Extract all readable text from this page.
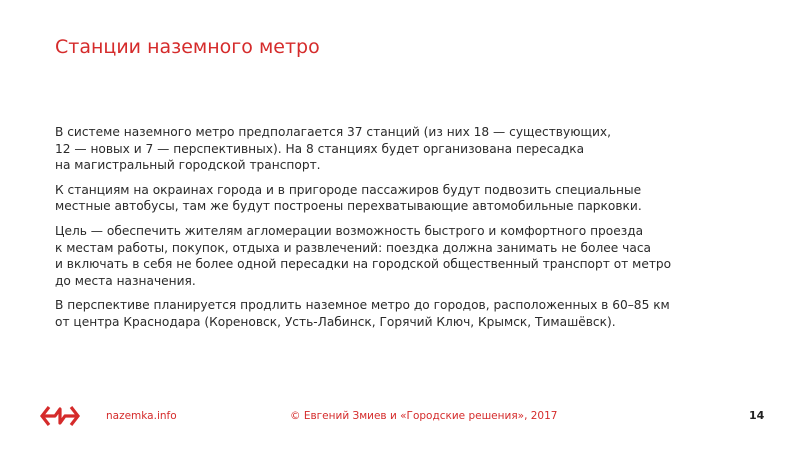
Станции наземного метро

В системе наземного метро предполагается 37 станций (из них 18 — существующих,
12 — новых и 7 — перспективных). На 8 станциях будет организована пересадка
на магистральный городской транспорт.

К станциям на окраинах города и в пригороде пассажиров будут подвозить специальные
местные автобусы, там же будут построены перехватывающие автомобильные парковки.

Цель — обеспечить жителям агломерации возможность быстрого и комфортного проезда
к местам работы, покупок, отдыха и развлечений: поездка должна занимать не более часа
и включать в себя не более одной пересадки на городской общественный транспорт от метро
до места назначения.

В перспективе планируется продлить наземное метро до городов, расположенных в 60–85 км
от центра Краснодара (Кореновск, Усть-Лабинск, Горячий Ключ, Крымск, Тимашёвск).

nazemka.info	© Евгений Змиев и «Городские решения», 2017	14
